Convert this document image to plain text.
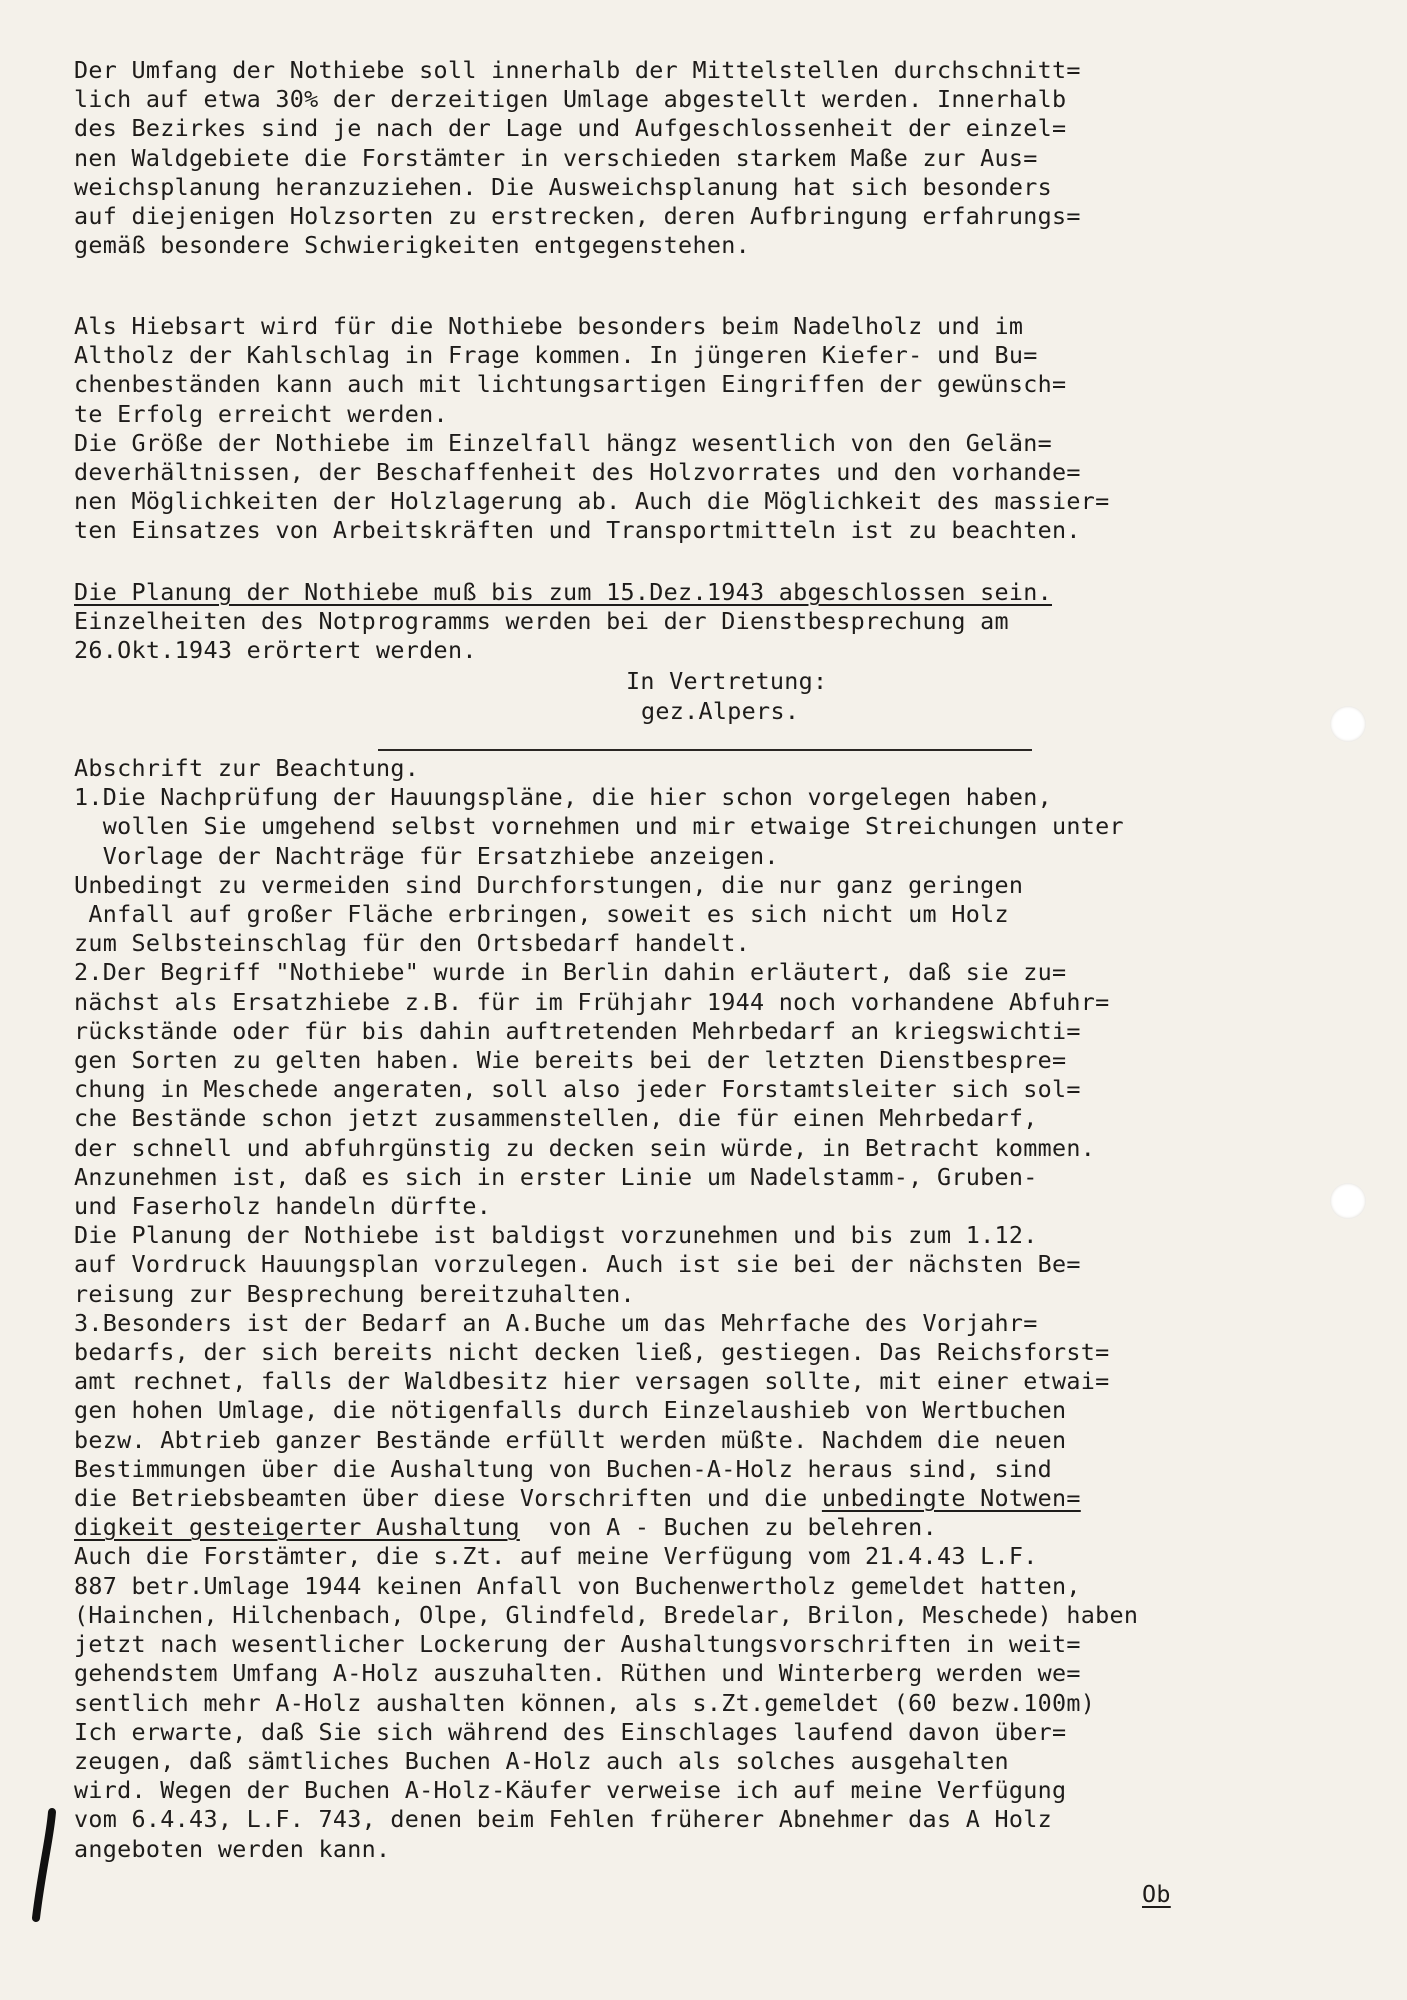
Der Umfang der Nothiebe soll innerhalb der Mittelstellen durchschnitt=
lich auf etwa 30% der derzeitigen Umlage abgestellt werden. Innerhalb
des Bezirkes sind je nach der Lage und Aufgeschlossenheit der einzel=
nen Waldgebiete die Forstämter in verschieden starkem Maße zur Aus=
weichsplanung heranzuziehen. Die Ausweichsplanung hat sich besonders
auf diejenigen Holzsorten zu erstrecken, deren Aufbringung erfahrungs=
gemäß besondere Schwierigkeiten entgegenstehen.
Als Hiebsart wird für die Nothiebe besonders beim Nadelholz und im
Altholz der Kahlschlag in Frage kommen. In jüngeren Kiefer- und Bu=
chenbeständen kann auch mit lichtungsartigen Eingriffen der gewünsch=
te Erfolg erreicht werden.
Die Größe der Nothiebe im Einzelfall hängz wesentlich von den Gelän=
deverhältnissen, der Beschaffenheit des Holzvorrates und den vorhande=
nen Möglichkeiten der Holzlagerung ab. Auch die Möglichkeit des massier=
ten Einsatzes von Arbeitskräften und Transportmitteln ist zu beachten.
Die Planung der Nothiebe muß bis zum 15.Dez.1943 abgeschlossen sein.
Einzelheiten des Notprogramms werden bei der Dienstbesprechung am
26.Okt.1943 erörtert werden.
In Vertretung:
gez.Alpers.
Abschrift zur Beachtung.
1.Die Nachprüfung der Hauungspläne, die hier schon vorgelegen haben,
wollen Sie umgehend selbst vornehmen und mir etwaige Streichungen unter
Vorlage der Nachträge für Ersatzhiebe anzeigen.
Unbedingt zu vermeiden sind Durchforstungen, die nur ganz geringen
Anfall auf großer Fläche erbringen, soweit es sich nicht um Holz
zum Selbsteinschlag für den Ortsbedarf handelt.
2.Der Begriff "Nothiebe" wurde in Berlin dahin erläutert, daß sie zu=
nächst als Ersatzhiebe z.B. für im Frühjahr 1944 noch vorhandene Abfuhr=
rückstände oder für bis dahin auftretenden Mehrbedarf an kriegswichti=
gen Sorten zu gelten haben. Wie bereits bei der letzten Dienstbespre=
chung in Meschede angeraten, soll also jeder Forstamtsleiter sich sol=
che Bestände schon jetzt zusammenstellen, die für einen Mehrbedarf,
der schnell und abfuhrgünstig zu decken sein würde, in Betracht kommen.
Anzunehmen ist, daß es sich in erster Linie um Nadelstamm-, Gruben-
und Faserholz handeln dürfte.
Die Planung der Nothiebe ist baldigst vorzunehmen und bis zum 1.12.
auf Vordruck Hauungsplan vorzulegen. Auch ist sie bei der nächsten Be=
reisung zur Besprechung bereitzuhalten.
3.Besonders ist der Bedarf an A.Buche um das Mehrfache des Vorjahr=
bedarfs, der sich bereits nicht decken ließ, gestiegen. Das Reichsforst=
amt rechnet, falls der Waldbesitz hier versagen sollte, mit einer etwai=
gen hohen Umlage, die nötigenfalls durch Einzelaushieb von Wertbuchen
bezw. Abtrieb ganzer Bestände erfüllt werden müßte. Nachdem die neuen
Bestimmungen über die Aushaltung von Buchen-A-Holz heraus sind, sind
die Betriebsbeamten über diese Vorschriften und die unbedingte Notwen=
digkeit gesteigerter Aushaltung  von A - Buchen zu belehren.
Auch die Forstämter, die s.Zt. auf meine Verfügung vom 21.4.43 L.F.
887 betr.Umlage 1944 keinen Anfall von Buchenwertholz gemeldet hatten,
(Hainchen, Hilchenbach, Olpe, Glindfeld, Bredelar, Brilon, Meschede) haben
jetzt nach wesentlicher Lockerung der Aushaltungsvorschriften in weit=
gehendstem Umfang A-Holz auszuhalten. Rüthen und Winterberg werden we=
sentlich mehr A-Holz aushalten können, als s.Zt.gemeldet (60 bezw.100m)
Ich erwarte, daß Sie sich während des Einschlages laufend davon über=
zeugen, daß sämtliches Buchen A-Holz auch als solches ausgehalten
wird. Wegen der Buchen A-Holz-Käufer verweise ich auf meine Verfügung
vom 6.4.43, L.F. 743, denen beim Fehlen früherer Abnehmer das A Holz
angeboten werden kann.
Ob
